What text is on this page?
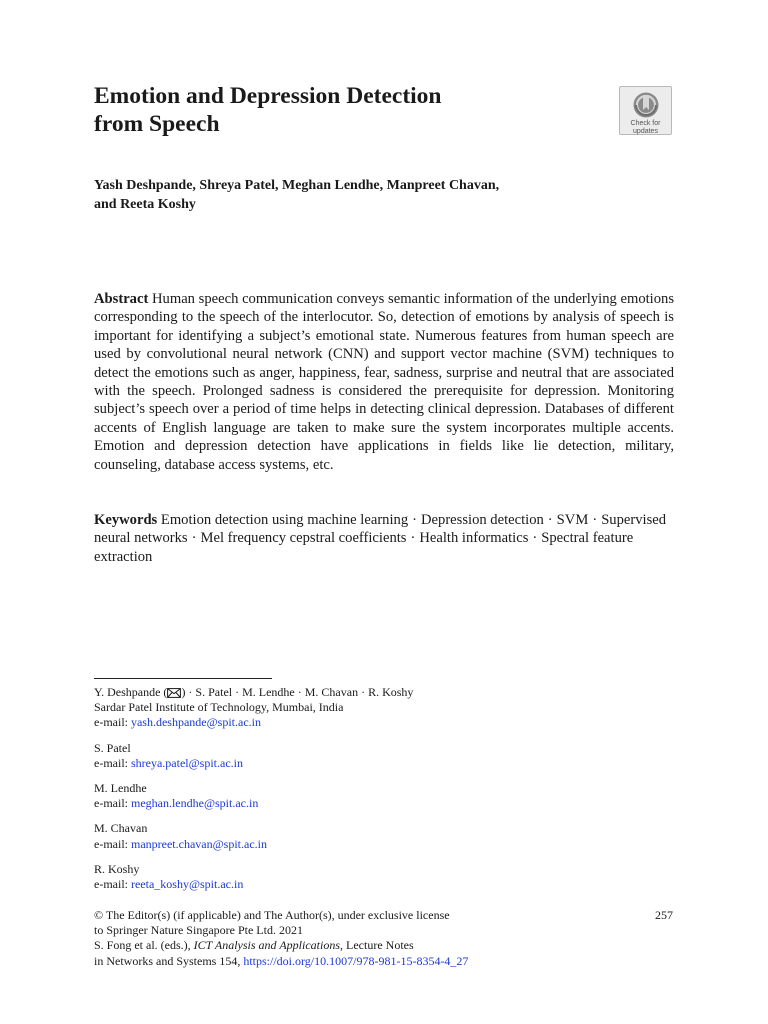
Emotion and Depression Detection
from Speech	Check for
updates
Yash Deshpande, Shreya Patel, Meghan Lendhe, Manpreet Chavan,
and Reeta Koshy

Abstract Human speech communication conveys semantic information of the underlying emotions corresponding to the speech of the interlocutor. So, detection of emotions by analysis of speech is important for identifying a subject’s emotional state. Numerous features from human speech are used by convolutional neural network (CNN) and support vector machine (SVM) techniques to detect the emotions such as anger, happiness, fear, sadness, surprise and neutral that are associated with the speech. Prolonged sadness is considered the prerequisite for depression. Monitoring subject’s speech over a period of time helps in detecting clinical depression. Databases of different accents of English language are taken to make sure the system incorporates multiple accents. Emotion and depression detection have applications in fields like lie detection, military, counseling, database access systems, etc.

Keywords Emotion detection using machine learning · Depression detection · SVM · Supervised neural networks · Mel frequency cepstral coefficients · Health informatics · Spectral feature extraction

Y. Deshpande ( ) · S. Patel · M. Lendhe · M. Chavan · R. Koshy
Sardar Patel Institute of Technology, Mumbai, India
e-mail: yash.deshpande@spit.ac.in
S. Patel
e-mail: shreya.patel@spit.ac.in
M. Lendhe
e-mail: meghan.lendhe@spit.ac.in
M. Chavan
e-mail: manpreet.chavan@spit.ac.in
R. Koshy
e-mail: reeta_koshy@spit.ac.in
© The Editor(s) (if applicable) and The Author(s), under exclusive license
to Springer Nature Singapore Pte Ltd. 2021
S. Fong et al. (eds.), ICT Analysis and Applications, Lecture Notes
in Networks and Systems 154, https://doi.org/10.1007/978-981-15-8354-4_27
257
